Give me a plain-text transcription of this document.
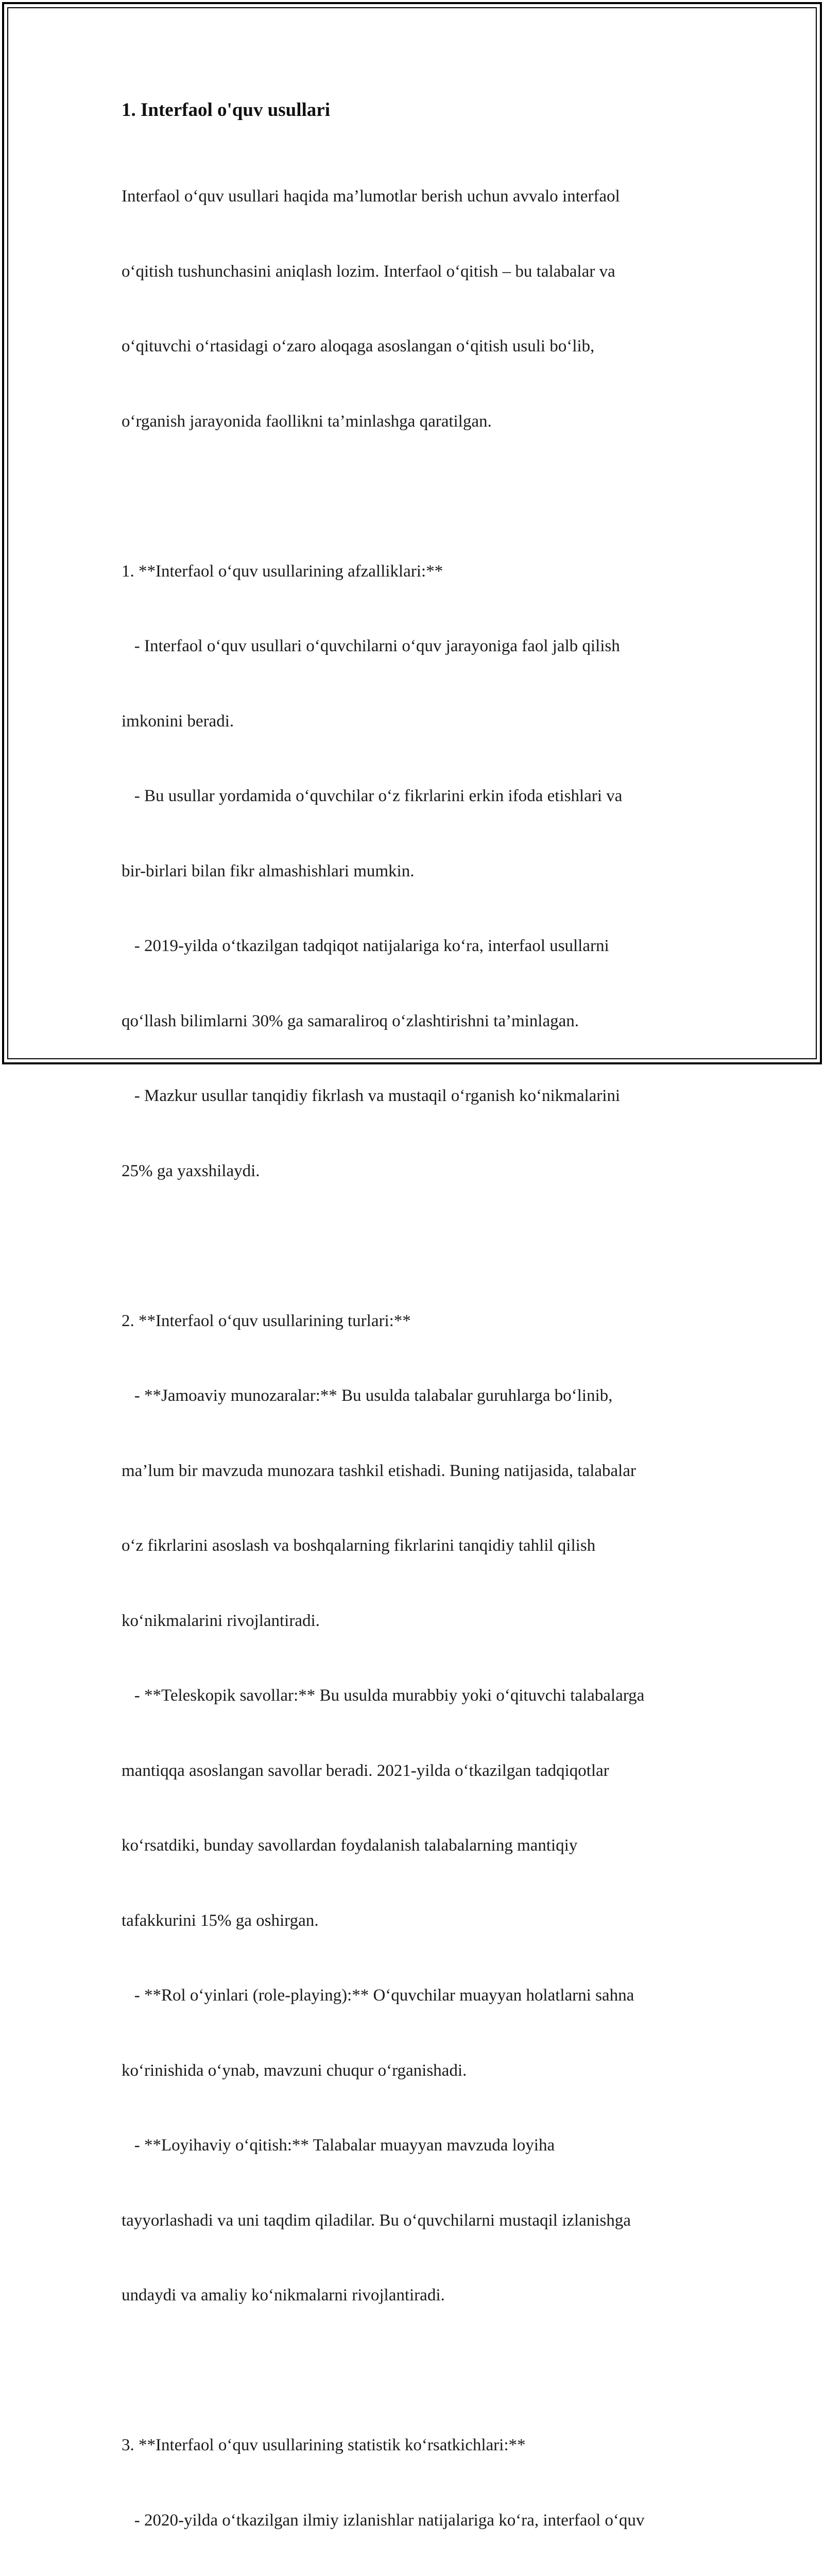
1. Interfaol o'quv usullari

Interfaol o‘quv usullari haqida ma’lumotlar berish uchun avvalo interfaol

o‘qitish tushunchasini aniqlash lozim. Interfaol o‘qitish – bu talabalar va

o‘qituvchi o‘rtasidagi o‘zaro aloqaga asoslangan o‘qitish usuli bo‘lib,

o‘rganish jarayonida faollikni ta’minlashga qaratilgan.

1. **Interfaol o‘quv usullarining afzalliklari:**

- Interfaol o‘quv usullari o‘quvchilarni o‘quv jarayoniga faol jalb qilish

imkonini beradi.

- Bu usullar yordamida o‘quvchilar o‘z fikrlarini erkin ifoda etishlari va

bir-birlari bilan fikr almashishlari mumkin.

- 2019-yilda o‘tkazilgan tadqiqot natijalariga ko‘ra, interfaol usullarni

qo‘llash bilimlarni 30% ga samaraliroq o‘zlashtirishni ta’minlagan.

- Mazkur usullar tanqidiy fikrlash va mustaqil o‘rganish ko‘nikmalarini

25% ga yaxshilaydi.

2. **Interfaol o‘quv usullarining turlari:**

- **Jamoaviy munozaralar:** Bu usulda talabalar guruhlarga bo‘linib,

ma’lum bir mavzuda munozara tashkil etishadi. Buning natijasida, talabalar

o‘z fikrlarini asoslash va boshqalarning fikrlarini tanqidiy tahlil qilish

ko‘nikmalarini rivojlantiradi.

- **Teleskopik savollar:** Bu usulda murabbiy yoki o‘qituvchi talabalarga

mantiqqa asoslangan savollar beradi. 2021-yilda o‘tkazilgan tadqiqotlar

ko‘rsatdiki, bunday savollardan foydalanish talabalarning mantiqiy

tafakkurini 15% ga oshirgan.

- **Rol o‘yinlari (role-playing):** O‘quvchilar muayyan holatlarni sahna

ko‘rinishida o‘ynab, mavzuni chuqur o‘rganishadi.

- **Loyihaviy o‘qitish:** Talabalar muayyan mavzuda loyiha

tayyorlashadi va uni taqdim qiladilar. Bu o‘quvchilarni mustaqil izlanishga

undaydi va amaliy ko‘nikmalarni rivojlantiradi.

3. **Interfaol o‘quv usullarining statistik ko‘rsatkichlari:**

- 2020-yilda o‘tkazilgan ilmiy izlanishlar natijalariga ko‘ra, interfaol o‘quv
